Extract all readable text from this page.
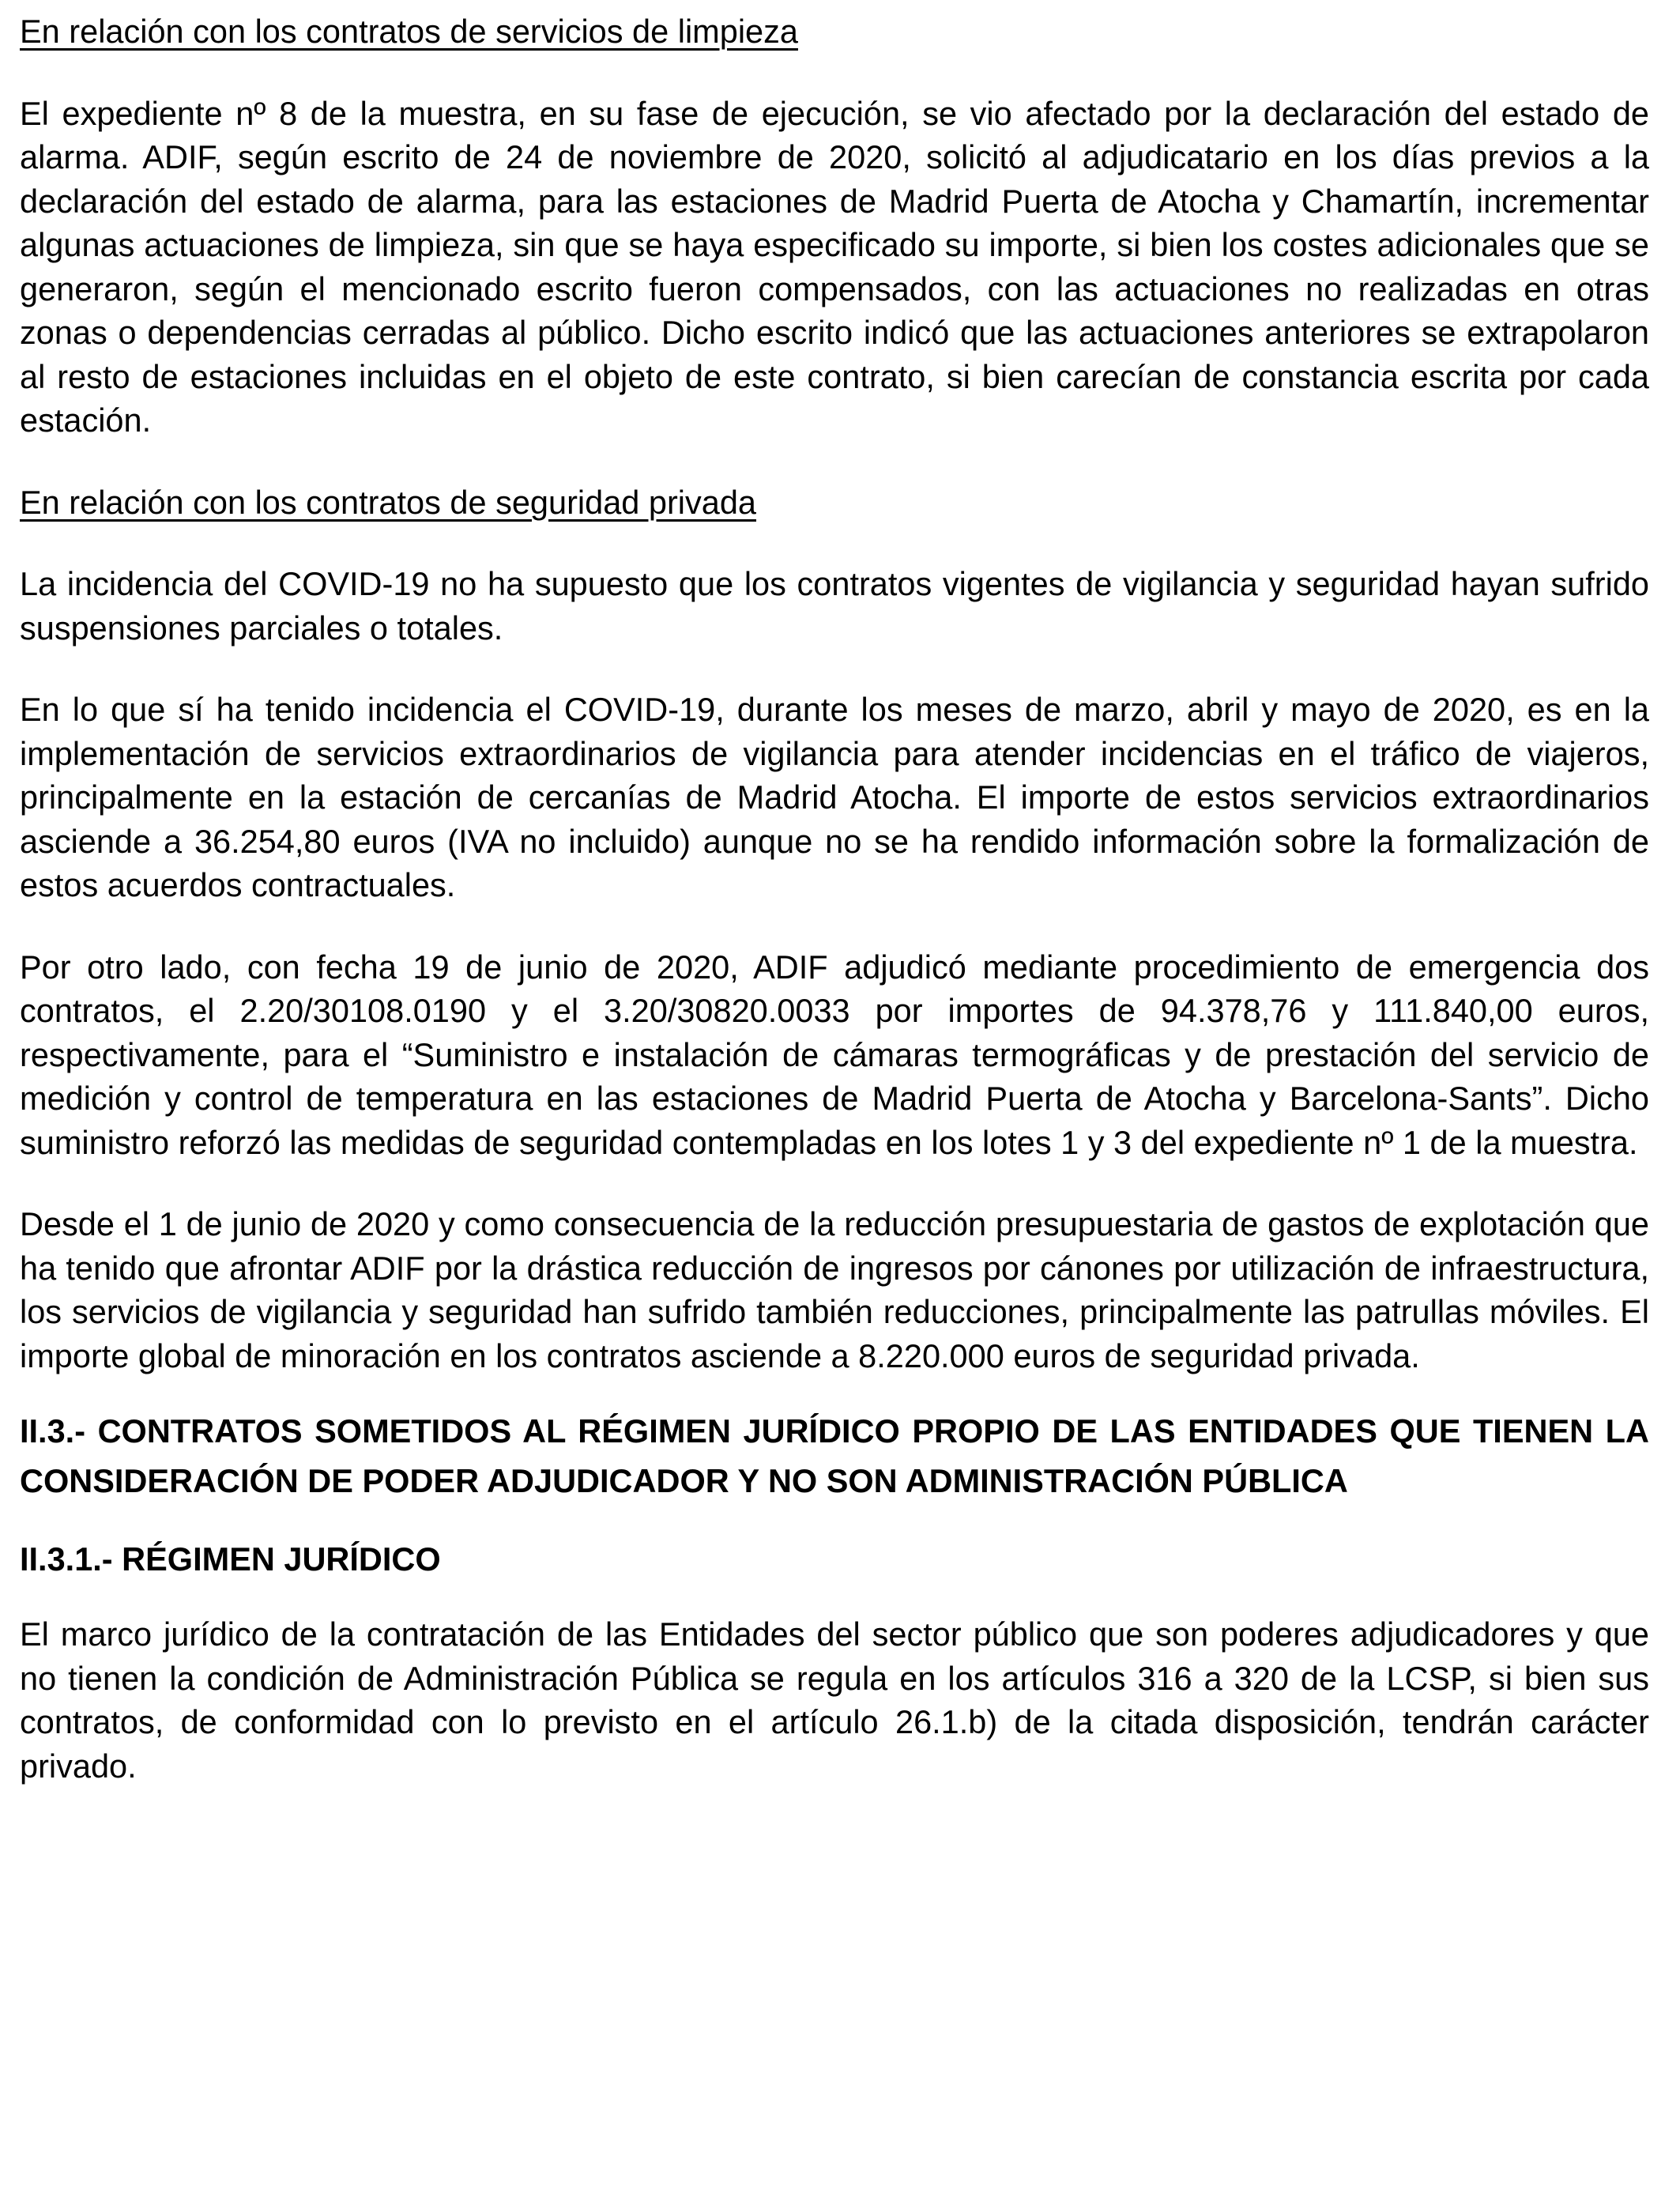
En relación con los contratos de servicios de limpieza

El expediente nº 8 de la muestra, en su fase de ejecución, se vio afectado por la declaración del estado de alarma. ADIF, según escrito de 24 de noviembre de 2020, solicitó al adjudicatario en los días previos a la declaración del estado de alarma, para las estaciones de Madrid Puerta de Atocha y Chamartín, incrementar algunas actuaciones de limpieza, sin que se haya especificado su importe, si bien los costes adicionales que se generaron, según el mencionado escrito fueron compensados, con las actuaciones no realizadas en otras zonas o dependencias cerradas al público. Dicho escrito indicó que las actuaciones anteriores se extrapolaron al resto de estaciones incluidas en el objeto de este contrato, si bien carecían de constancia escrita por cada estación.

En relación con los contratos de seguridad privada

La incidencia del COVID-19 no ha supuesto que los contratos vigentes de vigilancia y seguridad hayan sufrido suspensiones parciales o totales.

En lo que sí ha tenido incidencia el COVID-19, durante los meses de marzo, abril y mayo de 2020, es en la implementación de servicios extraordinarios de vigilancia para atender incidencias en el tráfico de viajeros, principalmente en la estación de cercanías de Madrid Atocha. El importe de estos servicios extraordinarios asciende a 36.254,80 euros (IVA no incluido) aunque no se ha rendido información sobre la formalización de estos acuerdos contractuales.

Por otro lado, con fecha 19 de junio de 2020, ADIF adjudicó mediante procedimiento de emergencia dos contratos, el 2.20/30108.0190 y el 3.20/30820.0033 por importes de 94.378,76 y 111.840,00 euros, respectivamente, para el “Suministro e instalación de cámaras termográficas y de prestación del servicio de medición y control de temperatura en las estaciones de Madrid Puerta de Atocha y Barcelona-Sants”. Dicho suministro reforzó las medidas de seguridad contempladas en los lotes 1 y 3 del expediente nº 1 de la muestra.

Desde el 1 de junio de 2020 y como consecuencia de la reducción presupuestaria de gastos de explotación que ha tenido que afrontar ADIF por la drástica reducción de ingresos por cánones por utilización de infraestructura, los servicios de vigilancia y seguridad han sufrido también reducciones, principalmente las patrullas móviles. El importe global de minoración en los contratos asciende a 8.220.000 euros de seguridad privada.

II.3.- CONTRATOS SOMETIDOS AL RÉGIMEN JURÍDICO PROPIO DE LAS ENTIDADES QUE TIENEN LA CONSIDERACIÓN DE PODER ADJUDICADOR Y NO SON ADMINISTRACIÓN PÚBLICA
II.3.1.- RÉGIMEN JURÍDICO

El marco jurídico de la contratación de las Entidades del sector público que son poderes adjudicadores y que no tienen la condición de Administración Pública se regula en los artículos 316 a 320 de la LCSP, si bien sus contratos, de conformidad con lo previsto en el artículo 26.1.b) de la citada disposición, tendrán carácter privado.
